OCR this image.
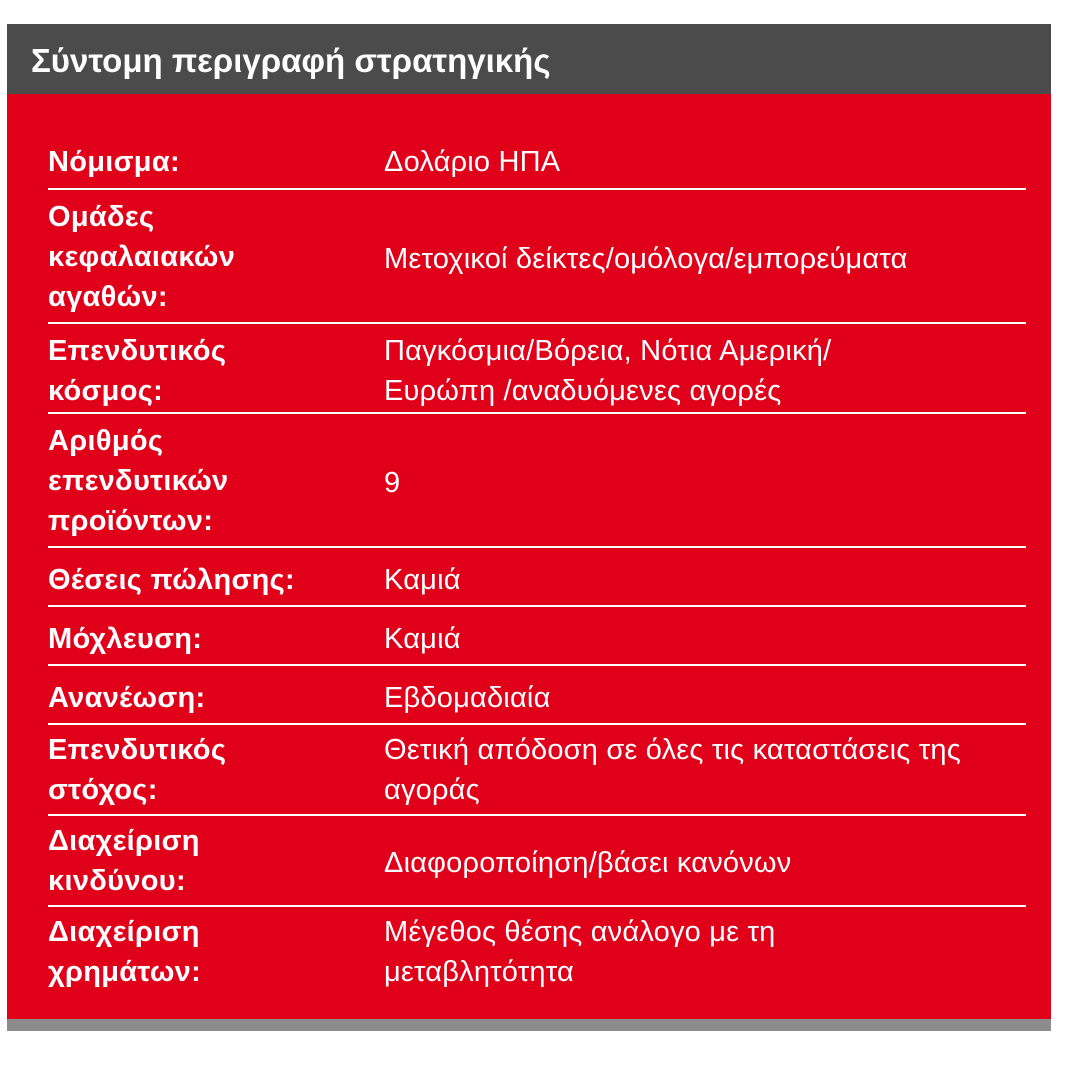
Σύντομη περιγραφή στρατηγικής
Νόμισμα:	Δολάριο ΗΠΑ
Ομάδες κεφαλαιακών αγαθών:
Μετοχικοί δείκτες/ομόλογα/εμπορεύματα
Επενδυτικός κόσμος:
Παγκόσμια/Βόρεια, Νότια Αμερική/ Ευρώπη /αναδυόμενες αγορές
Αριθμός επενδυτικών προϊόντων:
9
Θέσεις πώλησης:	Καμιά
Μόχλευση:	Καμιά
Ανανέωση:	Εβδομαδιαία
Επενδυτικός στόχος:
Θετική απόδοση σε όλες τις καταστάσεις της αγοράς
Διαχείριση κινδύνου:
Διαφοροποίηση/βάσει κανόνων
Διαχείριση χρημάτων:
Μέγεθος θέσης ανάλογο με τη μεταβλητότητα
